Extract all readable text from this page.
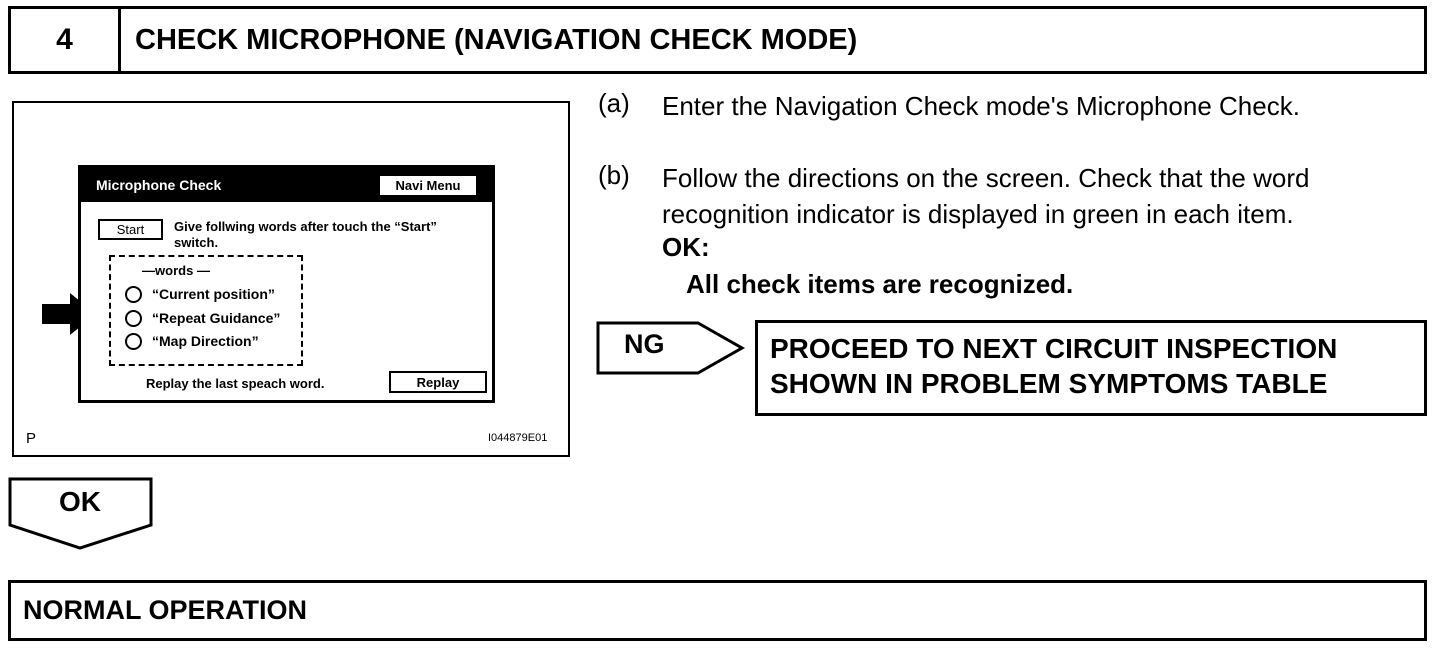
4	CHECK MICROPHONE (NAVIGATION CHECK MODE)
Microphone Check	Navi Menu
Start	Give follwing words after touch the “Start”
switch.
—words —
“Current position”
“Repeat Guidance”
“Map Direction”
Replay the last speach word.	Replay
P	I044879E01
(a) Enter the Navigation Check mode's Microphone Check.
(b) Follow the directions on the screen. Check that the word
recognition indicator is displayed in green in each item.
OK:
All check items are recognized.
NG	PROCEED TO NEXT CIRCUIT INSPECTION
SHOWN IN PROBLEM SYMPTOMS TABLE
OK
NORMAL OPERATION
